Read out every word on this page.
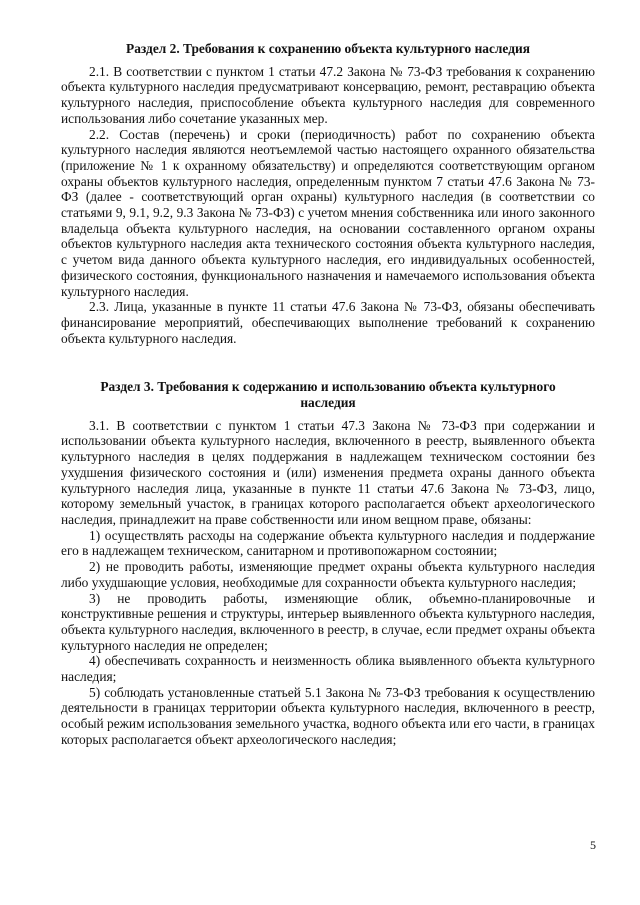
Раздел 2. Требования к сохранению объекта культурного наследия

2.1. В соответствии с пунктом 1 статьи 47.2 Закона № 73-ФЗ требования к сохранению объекта культурного наследия предусматривают консервацию, ремонт, реставрацию объекта культурного наследия, приспособление объекта культурного наследия для современного использования либо сочетание указанных мер.

2.2. Состав (перечень) и сроки (периодичность) работ по сохранению объекта культурного наследия являются неотъемлемой частью настоящего охранного обязательства (приложение № 1 к охранному обязательству) и определяются соответствующим органом охраны объектов культурного наследия, определенным пунктом 7 статьи 47.6 Закона № 73-ФЗ (далее - соответствующий орган охраны) культурного наследия (в соответствии со статьями 9, 9.1, 9.2, 9.3 Закона № 73-ФЗ) с учетом мнения собственника или иного законного владельца объекта культурного наследия, на основании составленного органом охраны объектов культурного наследия акта технического состояния объекта культурного наследия, с учетом вида данного объекта культурного наследия, его индивидуальных особенностей, физического состояния, функционального назначения и намечаемого использования объекта культурного наследия.

2.3. Лица, указанные в пункте 11 статьи 47.6 Закона № 73-ФЗ, обязаны обеспечивать финансирование мероприятий, обеспечивающих выполнение требований к сохранению объекта культурного наследия.

Раздел 3. Требования к содержанию и использованию объекта культурного
наследия

3.1. В соответствии с пунктом 1 статьи 47.3 Закона № 73-ФЗ при содержании и использовании объекта культурного наследия, включенного в реестр, выявленного объекта культурного наследия в целях поддержания в надлежащем техническом состоянии без ухудшения физического состояния и (или) изменения предмета охраны данного объекта культурного наследия лица, указанные в пункте 11 статьи 47.6 Закона № 73-ФЗ, лицо, которому земельный участок, в границах которого располагается объект археологического наследия, принадлежит на праве собственности или ином вещном праве, обязаны:

1) осуществлять расходы на содержание объекта культурного наследия и поддержание его в надлежащем техническом, санитарном и противопожарном состоянии;

2) не проводить работы, изменяющие предмет охраны объекта культурного наследия либо ухудшающие условия, необходимые для сохранности объекта культурного наследия;

3) не проводить работы, изменяющие облик, объемно-планировочные и конструктивные решения и структуры, интерьер выявленного объекта культурного наследия, объекта культурного наследия, включенного в реестр, в случае, если предмет охраны объекта культурного наследия не определен;

4) обеспечивать сохранность и неизменность облика выявленного объекта культурного наследия;

5) соблюдать установленные статьей 5.1 Закона № 73-ФЗ требования к осуществлению деятельности в границах территории объекта культурного наследия, включенного в реестр, особый режим использования земельного участка, водного объекта или его части, в границах которых располагается объект археологического наследия;

5
